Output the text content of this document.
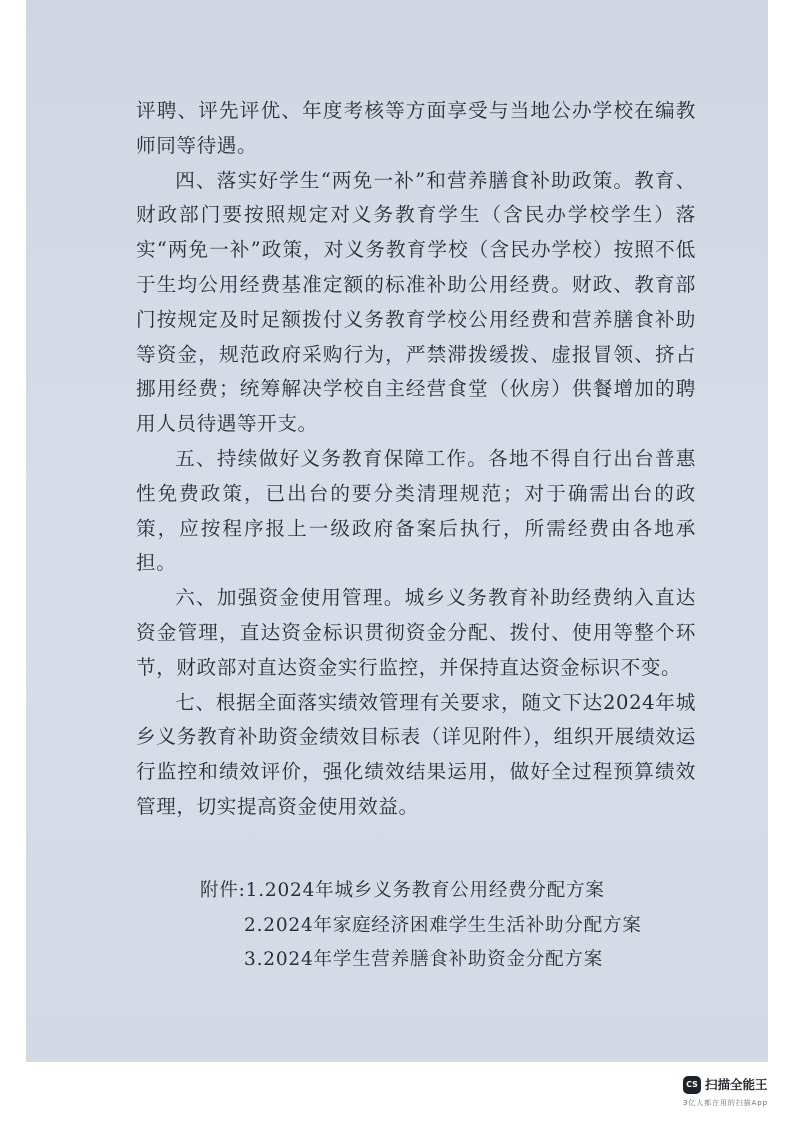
评聘、评先评优、年度考核等方面享受与当地公办学校在编教师同等待遇。

四、落实好学生“两免一补”和营养膳食补助政策。教育、财政部门要按照规定对义务教育学生（含民办学校学生）落实“两免一补”政策，对义务教育学校（含民办学校）按照不低于生均公用经费基准定额的标准补助公用经费。财政、教育部门按规定及时足额拨付义务教育学校公用经费和营养膳食补助等资金，规范政府采购行为，严禁滞拨缓拨、虚报冒领、挤占挪用经费；统筹解决学校自主经营食堂（伙房）供餐增加的聘用人员待遇等开支。

五、持续做好义务教育保障工作。各地不得自行出台普惠性免费政策，已出台的要分类清理规范；对于确需出台的政策，应按程序报上一级政府备案后执行，所需经费由各地承担。

六、加强资金使用管理。城乡义务教育补助经费纳入直达资金管理，直达资金标识贯彻资金分配、拨付、使用等整个环节，财政部对直达资金实行监控，并保持直达资金标识不变。

七、根据全面落实绩效管理有关要求，随文下达2024年城乡义务教育补助资金绩效目标表（详见附件），组织开展绩效运行监控和绩效评价，强化绩效结果运用，做好全过程预算绩效管理，切实提高资金使用效益。

附件:1.2024年城乡义务教育公用经费分配方案
2.2024年家庭经济困难学生生活补助分配方案
3.2024年学生营养膳食补助资金分配方案
CS 扫描全能王
3亿人都在用的扫描App
